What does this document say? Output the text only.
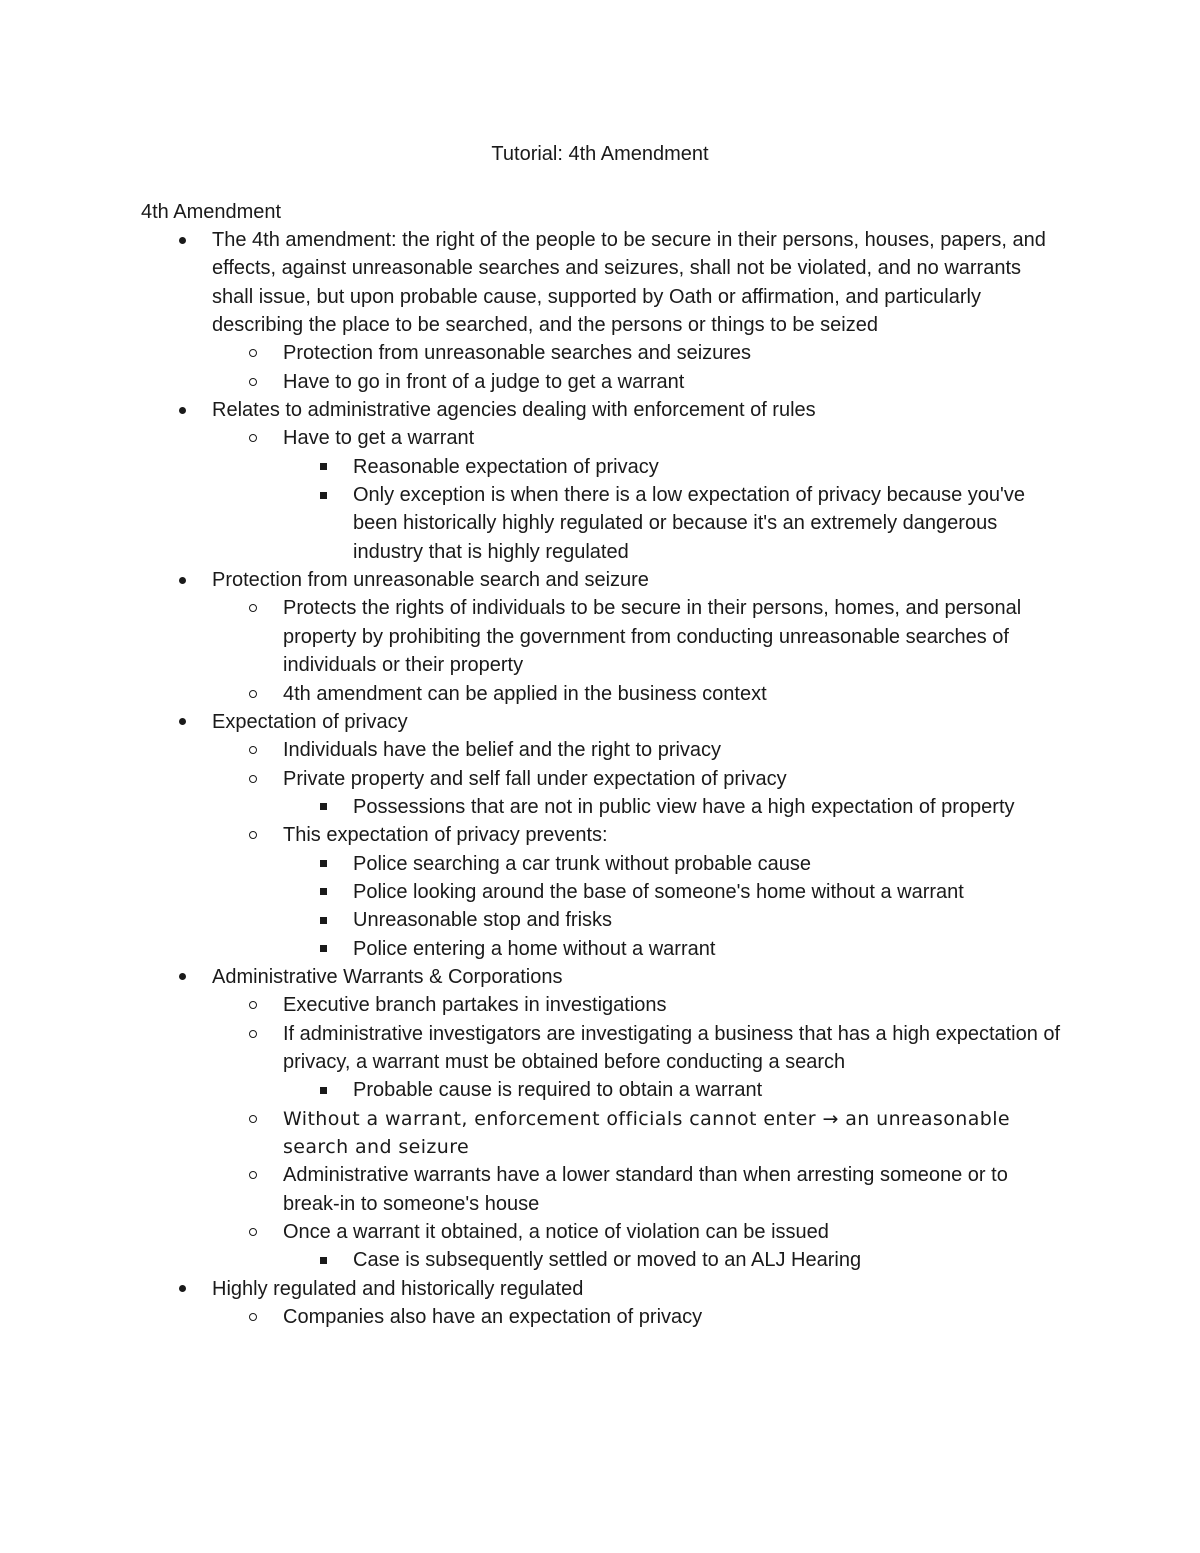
Tutorial: 4th Amendment
4th Amendment
The 4th amendment: the right of the people to be secure in their persons, houses, papers, and effects, against unreasonable searches and seizures, shall not be violated, and no warrants shall issue, but upon probable cause, supported by Oath or affirmation, and particularly describing the place to be searched, and the persons or things to be seized
Protection from unreasonable searches and seizures
Have to go in front of a judge to get a warrant
Relates to administrative agencies dealing with enforcement of rules
Have to get a warrant
Reasonable expectation of privacy
Only exception is when there is a low expectation of privacy because you've been historically highly regulated or because it's an extremely dangerous industry that is highly regulated
Protection from unreasonable search and seizure
Protects the rights of individuals to be secure in their persons, homes, and personal property by prohibiting the government from conducting unreasonable searches of individuals or their property
4th amendment can be applied in the business context
Expectation of privacy
Individuals have the belief and the right to privacy
Private property and self fall under expectation of privacy
Possessions that are not in public view have a high expectation of property
This expectation of privacy prevents:
Police searching a car trunk without probable cause
Police looking around the base of someone's home without a warrant
Unreasonable stop and frisks
Police entering a home without a warrant
Administrative Warrants & Corporations
Executive branch partakes in investigations
If administrative investigators are investigating a business that has a high expectation of privacy, a warrant must be obtained before conducting a search
Probable cause is required to obtain a warrant
Without a warrant, enforcement officials cannot enter → an unreasonable search and seizure
Administrative warrants have a lower standard than when arresting someone or to break-in to someone's house
Once a warrant it obtained, a notice of violation can be issued
Case is subsequently settled or moved to an ALJ Hearing
Highly regulated and historically regulated
Companies also have an expectation of privacy
